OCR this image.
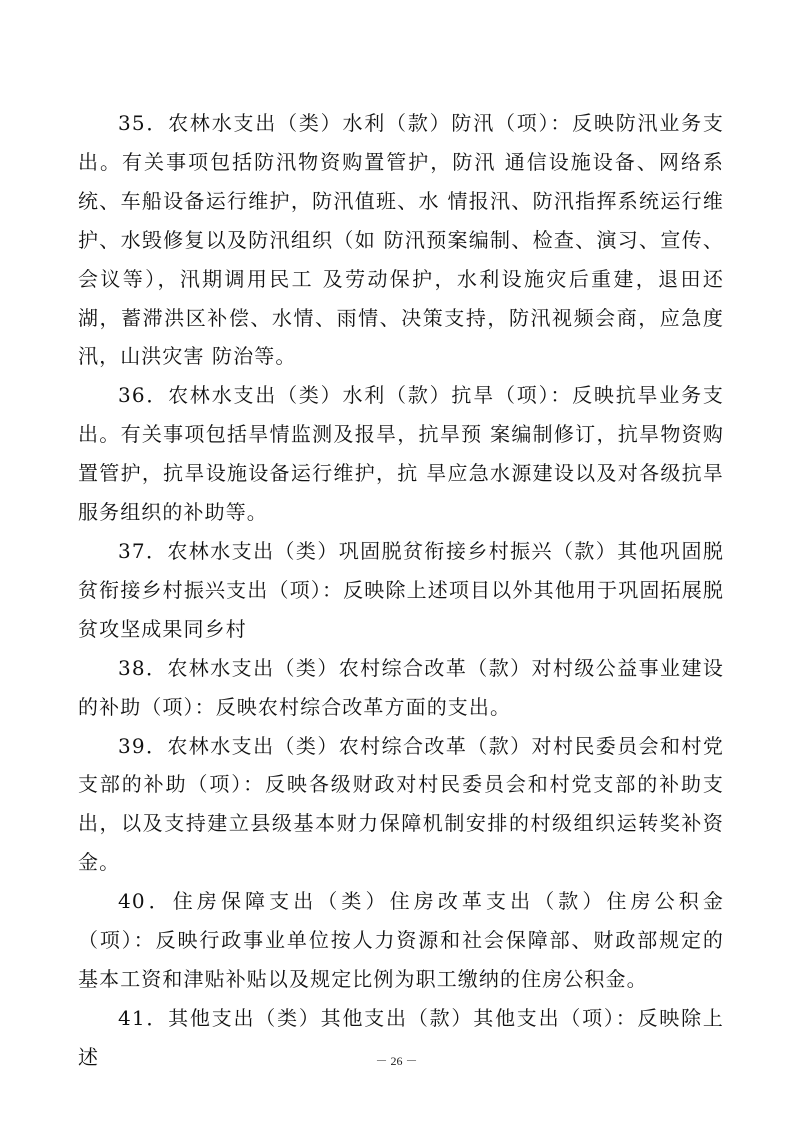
35．农林水支出（类）水利（款）防汛（项）：反映防汛业务支出。有关事项包括防汛物资购置管护，防汛 通信设施设备、网络系统、车船设备运行维护，防汛值班、水 情报汛、防汛指挥系统运行维护、水毁修复以及防汛组织（如 防汛预案编制、检查、演习、宣传、会议等），汛期调用民工 及劳动保护，水利设施灾后重建，退田还湖，蓄滞洪区补偿、水情、雨情、决策支持，防汛视频会商，应急度汛，山洪灾害 防治等。

36．农林水支出（类）水利（款）抗旱（项）：反映抗旱业务支出。有关事项包括旱情监测及报旱，抗旱预 案编制修订，抗旱物资购置管护，抗旱设施设备运行维护，抗 旱应急水源建设以及对各级抗旱服务组织的补助等。

37．农林水支出（类）巩固脱贫衔接乡村振兴（款）其他巩固脱贫衔接乡村振兴支出（项）：反映除上述项目以外其他用于巩固拓展脱贫攻坚成果同乡村

38．农林水支出（类）农村综合改革（款）对村级公益事业建设的补助（项）：反映农村综合改革方面的支出。

39．农林水支出（类）农村综合改革（款）对村民委员会和村党支部的补助（项）：反映各级财政对村民委员会和村党支部的补助支出，以及支持建立县级基本财力保障机制安排的村级组织运转奖补资金。

40．住房保障支出（类）住房改革支出（款）住房公积金（项）：反映行政事业单位按人力资源和社会保障部、财政部规定的 基本工资和津贴补贴以及规定比例为职工缴纳的住房公积金。

41．其他支出（类）其他支出（款）其他支出（项）：反映除上述	－ 26 －
